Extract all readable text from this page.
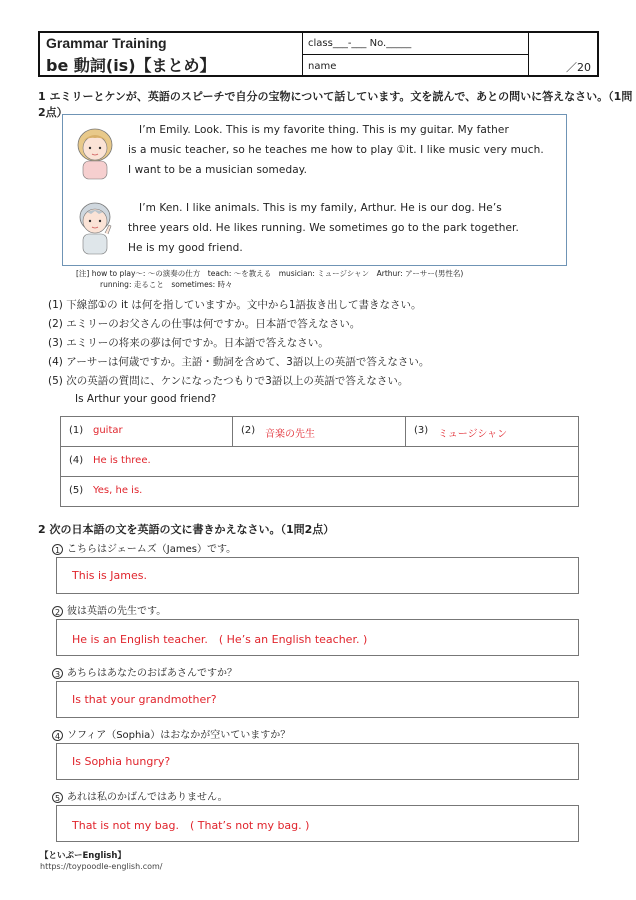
Grammar Training
be 動詞(is)【まとめ】
class___-___ No._____
name	／20
1 エミリーとケンが、英語のスピーチで自分の宝物について話しています。文を読んで、あとの問いに答えなさい。（1問2点）
I’m Emily. Look. This is my favorite thing. This is my guitar. My father
is a music teacher, so he teaches me how to play ①it. I like music very much.
I want to be a musician someday.
I’m Ken. I like animals. This is my family, Arthur. He is our dog. He’s
three years old. He likes running. We sometimes go to the park together.
He is my good friend.
[注] how to play～: ～の演奏の仕方　teach: ～を教える　musician: ミュージシャン　Arthur: アーサー(男性名)
running: 走ること　sometimes: 時々
(1) 下線部①の it は何を指していますか。文中から1語抜き出して書きなさい。
(2) エミリーのお父さんの仕事は何ですか。日本語で答えなさい。
(3) エミリーの将来の夢は何ですか。日本語で答えなさい。
(4) アーサーは何歳ですか。主語・動詞を含めて、3語以上の英語で答えなさい。
(5) 次の英語の質問に、ケンになったつもりで3語以上の英語で答えなさい。
Is Arthur your good friend?
(1) guitar	(2) 音楽の先生	(3) ミュージシャン
(4) He is three.
(5) Yes, he is.
2 次の日本語の文を英語の文に書きかえなさい。（1問2点）
1 こちらはジェームズ（James）です。
This is James.
2 彼は英語の先生です。
He is an English teacher.　( He’s an English teacher. )
3 あちらはあなたのおばあさんですか？
Is that your grandmother?
4 ソフィア（Sophia）はおなかが空いていますか？
Is Sophia hungry?
5 あれは私のかばんではありません。
That is not my bag.　( That’s not my bag. )
【といぷーEnglish】
https://toypoodle-english.com/
